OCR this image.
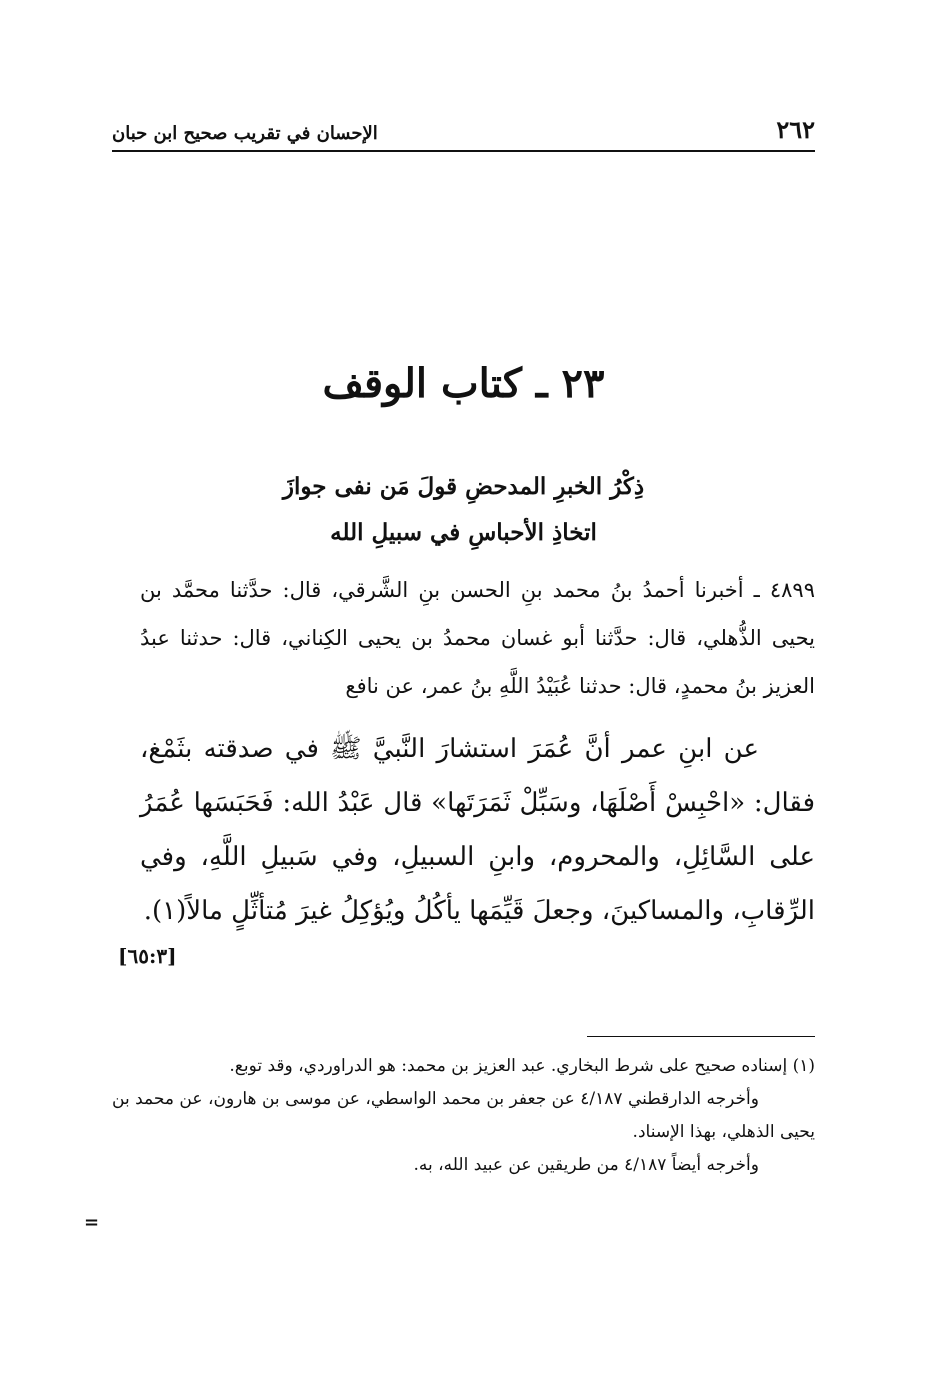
٢٦٢
الإحسان في تقريب صحيح ابن حبان
٢٣ ـ كتاب الوقف
ذِكْرُ الخبرِ المدحضِ قولَ مَن نفى جوازَ
اتخاذِ الأحباسِ في سبيلِ الله
٤٨٩٩ ـ أخبرنا أحمدُ بنُ محمد بنِ الحسن بنِ الشَّرقي، قال: حدَّثنا محمَّد بن يحيى الذُّهلي، قال: حدَّثنا أبو غسان محمدُ بن يحيى الكِناني، قال: حدثنا عبدُ العزيز بنُ محمدٍ، قال: حدثنا عُبَيْدُ اللَّهِ بنُ عمر، عن نافع
عن ابنِ عمر أنَّ عُمَرَ استشارَ النَّبيَّ ﷺ في صدقته بثَمْغ، فقال: «احْبِسْ أَصْلَهَا، وسَبِّلْ ثَمَرَتَها» قال عَبْدُ الله: فَحَبَسَها عُمَرُ على السَّائِلِ، والمحروم، وابنِ السبيلِ، وفي سَبيلِ اللَّهِ، وفي الرِّقابِ، والمساكينَ، وجعلَ قَيِّمَها يأكُلُ ويُؤكِلُ غيرَ مُتأثِّلٍ مالاً(١).
[٦٥:٣]

(١) إسناده صحيح على شرط البخاري. عبد العزيز بن محمد: هو الدراوردي، وقد توبع.

وأخرجه الدارقطني ٤/١٨٧ عن جعفر بن محمد الواسطي، عن موسى بن هارون، عن محمد بن يحيى الذهلي، بهذا الإسناد.

وأخرجه أيضاً ٤/١٨٧ من طريقين عن عبيد الله، به.

=
